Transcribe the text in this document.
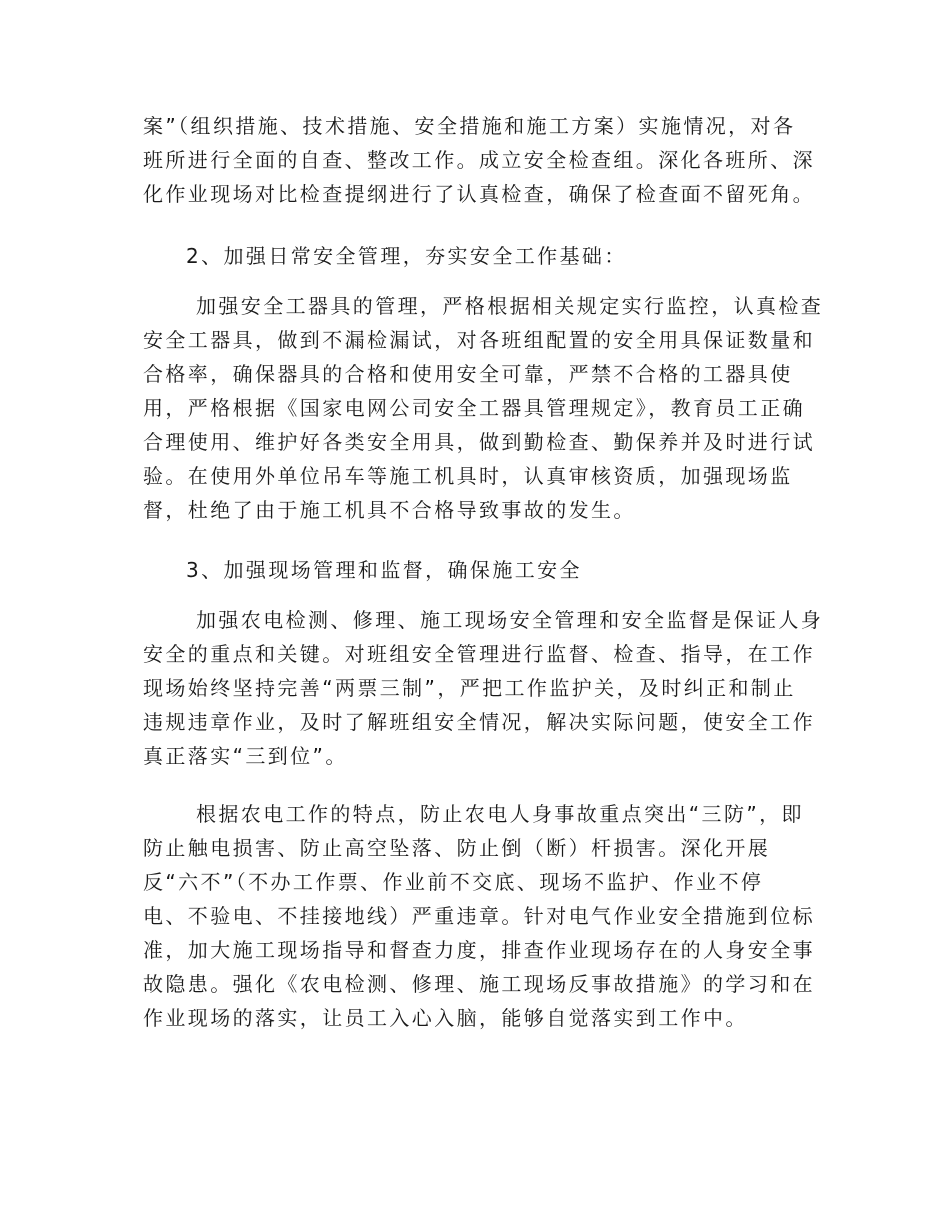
案”（组织措施、技术措施、安全措施和施工方案）实施情况，对各
班所进行全面的自查、整改工作。成立安全检查组。深化各班所、深
化作业现场对比检查提纲进行了认真检查，确保了检查面不留死角。
2、加强日常安全管理，夯实安全工作基础：
加强安全工器具的管理，严格根据相关规定实行监控，认真检查
安全工器具，做到不漏检漏试，对各班组配置的安全用具保证数量和
合格率，确保器具的合格和使用安全可靠，严禁不合格的工器具使
用，严格根据《国家电网公司安全工器具管理规定》，教育员工正确
合理使用、维护好各类安全用具，做到勤检查、勤保养并及时进行试
验。在使用外单位吊车等施工机具时，认真审核资质，加强现场监
督，杜绝了由于施工机具不合格导致事故的发生。
3、加强现场管理和监督，确保施工安全
加强农电检测、修理、施工现场安全管理和安全监督是保证人身
安全的重点和关键。对班组安全管理进行监督、检查、指导，在工作
现场始终坚持完善“两票三制”，严把工作监护关，及时纠正和制止
违规违章作业，及时了解班组安全情况，解决实际问题，使安全工作
真正落实“三到位”。
根据农电工作的特点，防止农电人身事故重点突出“三防”，即
防止触电损害、防止高空坠落、防止倒（断）杆损害。深化开展
反“六不”（不办工作票、作业前不交底、现场不监护、作业不停
电、不验电、不挂接地线）严重违章。针对电气作业安全措施到位标
准，加大施工现场指导和督查力度，排查作业现场存在的人身安全事
故隐患。强化《农电检测、修理、施工现场反事故措施》的学习和在
作业现场的落实，让员工入心入脑，能够自觉落实到工作中。
